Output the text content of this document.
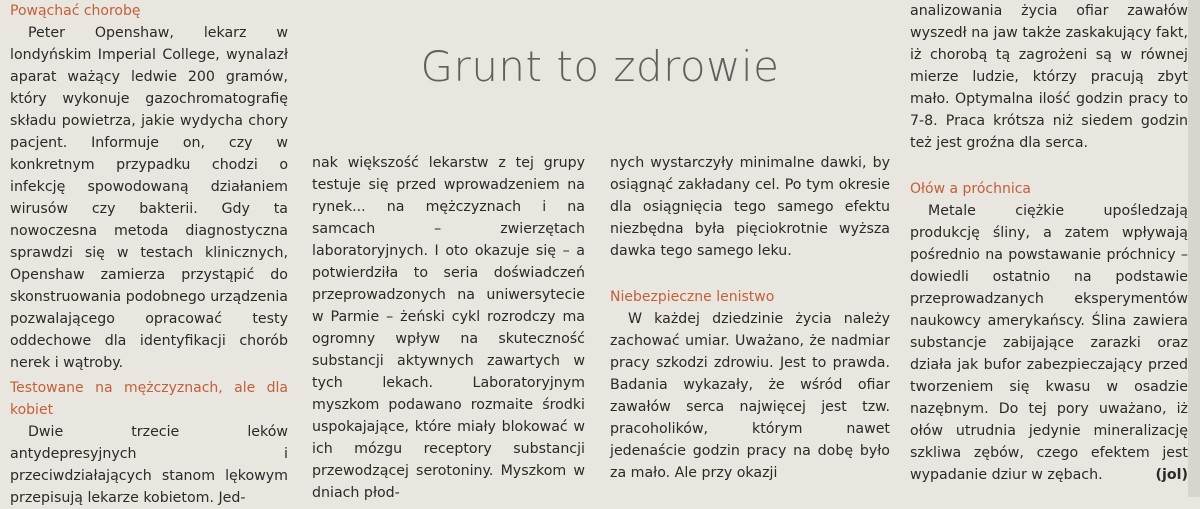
Grunt to zdrowie
Powąchać chorobę

Peter Openshaw, lekarz w londyńskim Imperial College, wynalazł aparat ważący ledwie 200 gramów, który wykonuje gazochromatografię składu powietrza, jakie wydycha chory pacjent. Informuje on, czy w konkretnym przypadku chodzi o infekcję spowodowaną działaniem wirusów czy bakterii. Gdy ta nowoczesna metoda diagnostyczna sprawdzi się w testach klinicznych, Openshaw zamierza przystąpić do skonstruowania podobnego urządzenia pozwalającego opracować testy oddechowe dla identyfikacji chorób nerek i wątroby.

Testowane na mężczyznach, ale dla kobiet

Dwie trzecie leków antydepresyjnych i przeciwdziałających stanom lękowym przepisują lekarze kobietom. Jed-

nak większość lekarstw z tej grupy testuje się przed wprowadzeniem na rynek... na mężczyznach i na samcach – zwierzętach laboratoryjnych. I oto okazuje się – a potwierdziła to seria doświadczeń przeprowadzonych na uniwersytecie w Parmie – żeński cykl rozrodczy ma ogromny wpływ na skuteczność substancji aktywnych zawartych w tych lekach. Laboratoryjnym myszkom podawano rozmaite środki uspokajające, które miały blokować w ich mózgu receptory substancji przewodzącej serotoniny. Myszkom w dniach płod-

nych wystarczyły minimalne dawki, by osiągnąć zakładany cel. Po tym okresie dla osiągnięcia tego samego efektu niezbędna była pięciokrotnie wyższa dawka tego samego leku.

Niebezpieczne lenistwo

W każdej dziedzinie życia należy zachować umiar. Uważano, że nadmiar pracy szkodzi zdrowiu. Jest to prawda. Badania wykazały, że wśród ofiar zawałów serca najwięcej jest tzw. pracoholików, którym nawet jedenaście godzin pracy na dobę było za mało. Ale przy okazji

analizowania życia ofiar zawałów wyszedł na jaw także zaskakujący fakt, iż chorobą tą zagrożeni są w równej mierze ludzie, którzy pracują zbyt mało. Optymalna ilość godzin pracy to 7-8. Praca krótsza niż siedem godzin też jest groźna dla serca.

Ołów a próchnica

Metale ciężkie upośledzają produkcję śliny, a zatem wpływają pośrednio na powstawanie próchnicy – dowiedli ostatnio na podstawie przeprowadzanych eksperymentów naukowcy amerykańscy. Ślina zawiera substancje zabijające zarazki oraz działa jak bufor zabezpieczający przed tworzeniem się kwasu w osadzie nazębnym. Do tej pory uważano, iż ołów utrudnia jedynie mineralizację szkliwa zębów, czego efektem jest wypadanie dziur w zębach.	(jol)
